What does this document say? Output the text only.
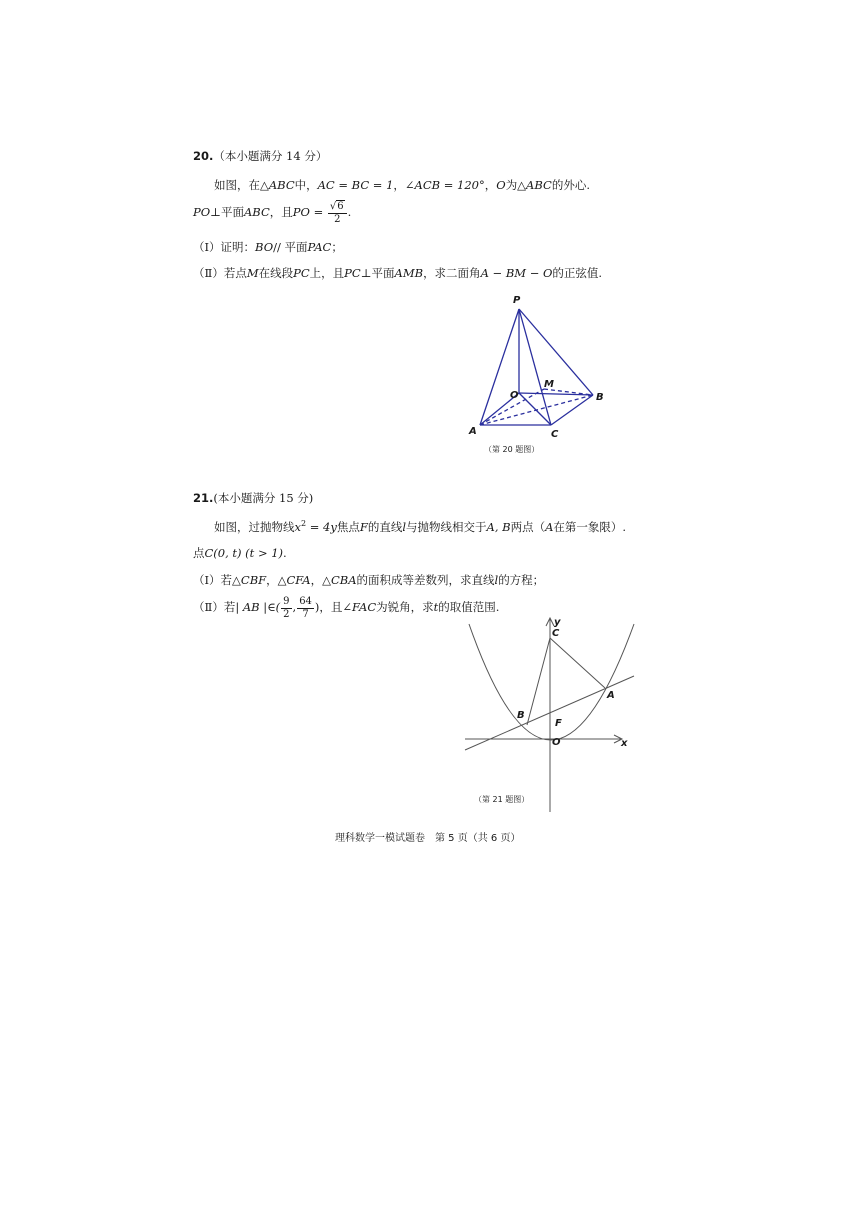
20.（本小题满分 14 分）
如图，在△ABC中，AC = BC = 1，∠ACB = 120°，O为△ABC的外心.
PO⊥平面ABC，且PO = $\frac{√6}{2}$ .
（Ⅰ）证明：BO// 平面PAC；
（Ⅱ）若点M在线段PC上，且PC⊥平面AMB，求二面角A − BM − O的正弦值.
P
M
O	B
A	C
（第 20 题图）
21.(本小题满分 15 分)
如图，过抛物线$x^2 = 4y$焦点F的直线l与抛物线相交于A, B两点（A在第一象限）.
点C(0, t) (t > 1).
（Ⅰ）若△CBF，△CFA，△CBA的面积成等差数列，求直线l的方程；
（Ⅱ）若| AB |∈( $\frac{9}{2}$ , $\frac{64}{7}$ )，且∠FAC为锐角，求t的取值范围.
y
C
A
B
F
O	x
（第 21 题图）
理科数学一模试题卷　第 5 页（共 6 页）
